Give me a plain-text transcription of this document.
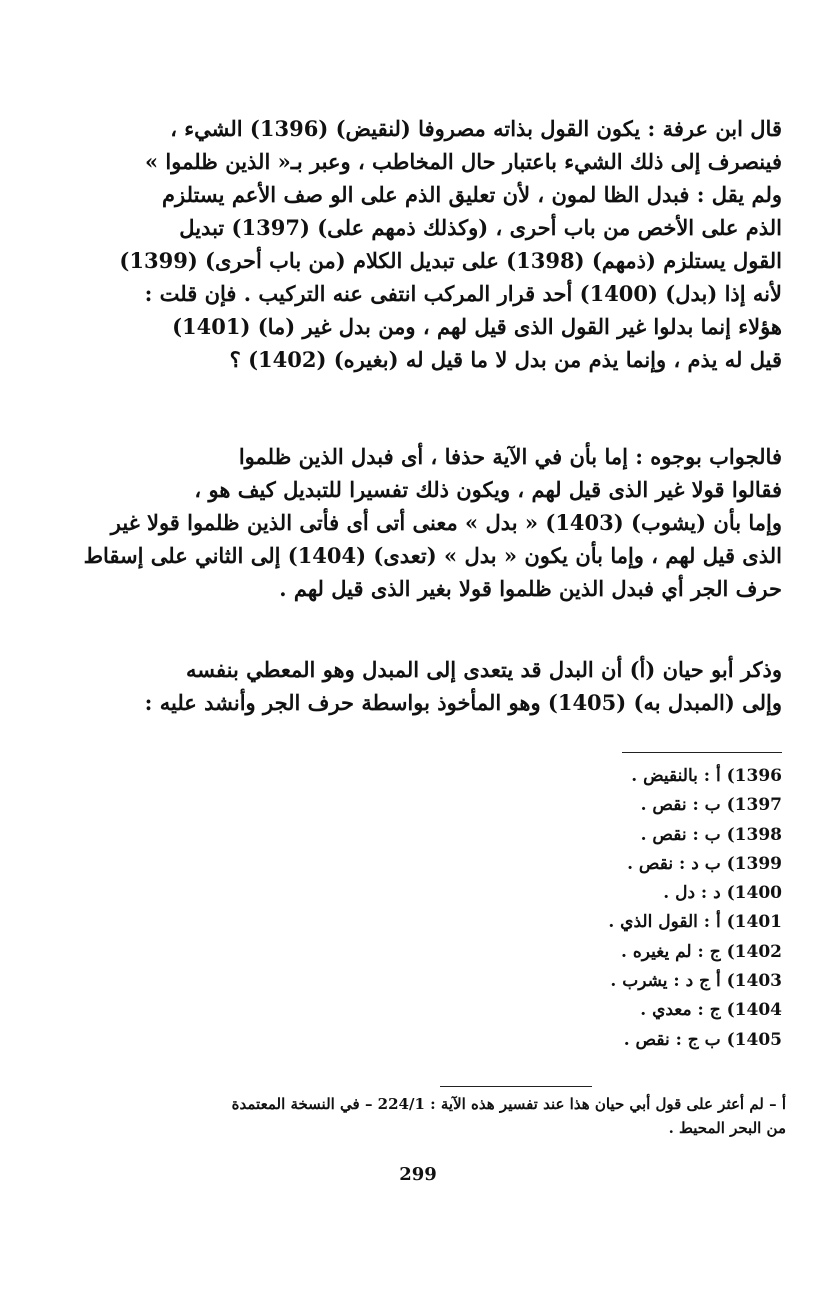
قال ابن عرفة : يكون القول بذاته مصروفا (لنقيض) (1396) الشيء ،
فينصرف إلى ذلك الشيء باعتبار حال المخاطب ، وعبر بـ« الذين ظلموا »
ولم يقل : فبدل الظا لمون ، لأن تعليق الذم على الو صف الأعم يستلزم
الذم على الأخص من باب أحرى ، (وكذلك ذمهم على) (1397) تبديل
القول يستلزم (ذمهم) (1398) على تبديل الكلام (من باب أحرى) (1399)
لأنه إذا (بدل) (1400) أحد قرار المركب انتفى عنه التركيب . فإن قلت :
هؤلاء إنما بدلوا غير القول الذى قيل لهم ، ومن بدل غير (ما) (1401)
قيل له يذم ، وإنما يذم من بدل لا ما قيل له (بغيره) (1402) ؟
فالجواب بوجوه : إما بأن في الآية حذفا ، أى فبدل الذين ظلموا
فقالوا قولا غير الذى قيل لهم ، ويكون ذلك تفسيرا للتبديل كيف هو ،
وإما بأن (يشوب) (1403) « بدل » معنى أتى أى فأتى الذين ظلموا قولا غير
الذى قيل لهم ، وإما بأن يكون « بدل » (تعدى) (1404) إلى الثاني على إسقاط
حرف الجر أي فبدل الذين ظلموا قولا بغير الذى قيل لهم .
وذكر أبو حيان (أ) أن البدل قد يتعدى إلى المبدل وهو المعطي بنفسه
وإلى (المبدل به) (1405) وهو المأخوذ بواسطة حرف الجر وأنشد عليه :
1396) أ : بالنقيض .
1397) ب : نقص .
1398) ب : نقص .
1399) ب د : نقص .
1400) د : دل .
1401) أ : القول الذي .
1402) ج : لم يغيره .
1403) أ ج د : يشرب .
1404) ج : معدي .
1405) ب ج : نقص .
أ – لم أعثر على قول أبي حيان هذا عند تفسير هذه الآية : 224/1 – في النسخة المعتمدة
من البحر المحيط .
299
